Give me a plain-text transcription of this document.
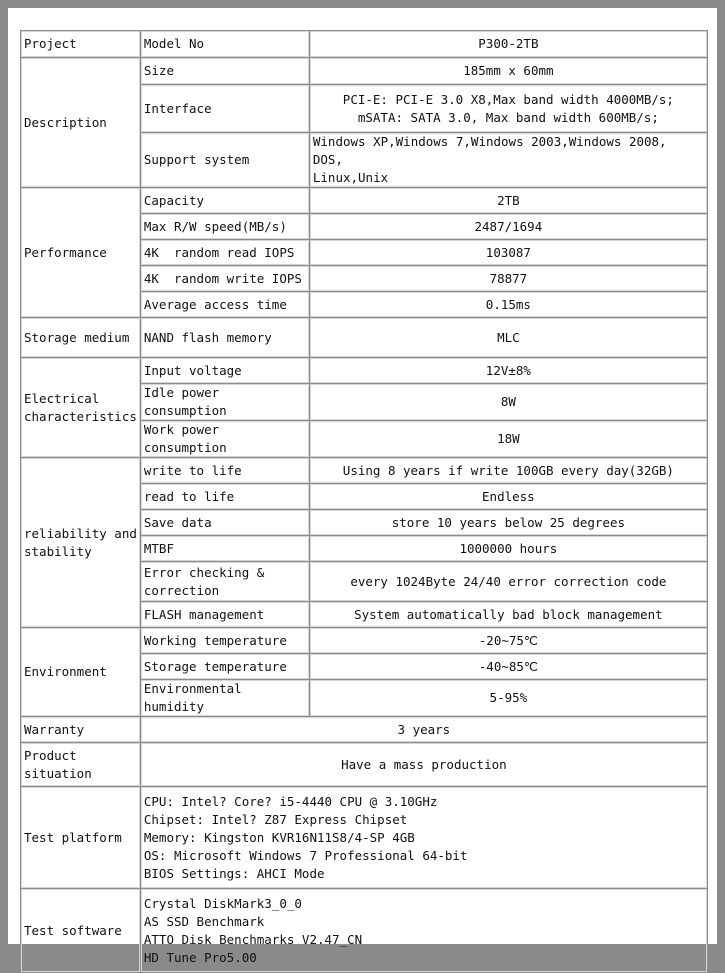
Project	Model No	P300-2TB
Description	Size	185mm x 60mm
	Interface	PCI-E: PCI-E 3.0 X8,Max band width 4000MB/s;
mSATA: SATA 3.0, Max band width 600MB/s;
	Support system	Windows XP,Windows 7,Windows 2003,Windows 2008, DOS,
Linux,Unix
Performance	Capacity	2TB
	Max R/W speed(MB/s)	2487/1694
	4K  random read IOPS	103087
	4K  random write IOPS	78877
	Average access time	0.15ms
Storage medium	NAND flash memory	MLC
Electrical characteristics	Input voltage	12V±8%
	Idle power consumption	8W
	Work power consumption	18W
reliability and stability	write to life	Using 8 years if write 100GB every day(32GB)
	read to life	Endless
	Save data	store 10 years below 25 degrees
	MTBF	1000000 hours
	Error checking & correction	every 1024Byte 24/40 error correction code
	FLASH management	System automatically bad block management
Environment	Working temperature	-20~75℃
	Storage temperature	-40~85℃
	Environmental humidity	5-95%
Warranty	3 years	
Product situation	Have a mass production	
Test platform	CPU: Intel? Core? i5-4440 CPU @ 3.10GHz
Chipset: Intel? Z87 Express Chipset
Memory: Kingston KVR16N11S8/4-SP 4GB
OS: Microsoft Windows 7 Professional 64-bit
BIOS Settings: AHCI Mode	
Test software	Crystal DiskMark3_0_0
AS SSD Benchmark
ATTO Disk Benchmarks V2.47_CN
HD Tune Pro5.00	
